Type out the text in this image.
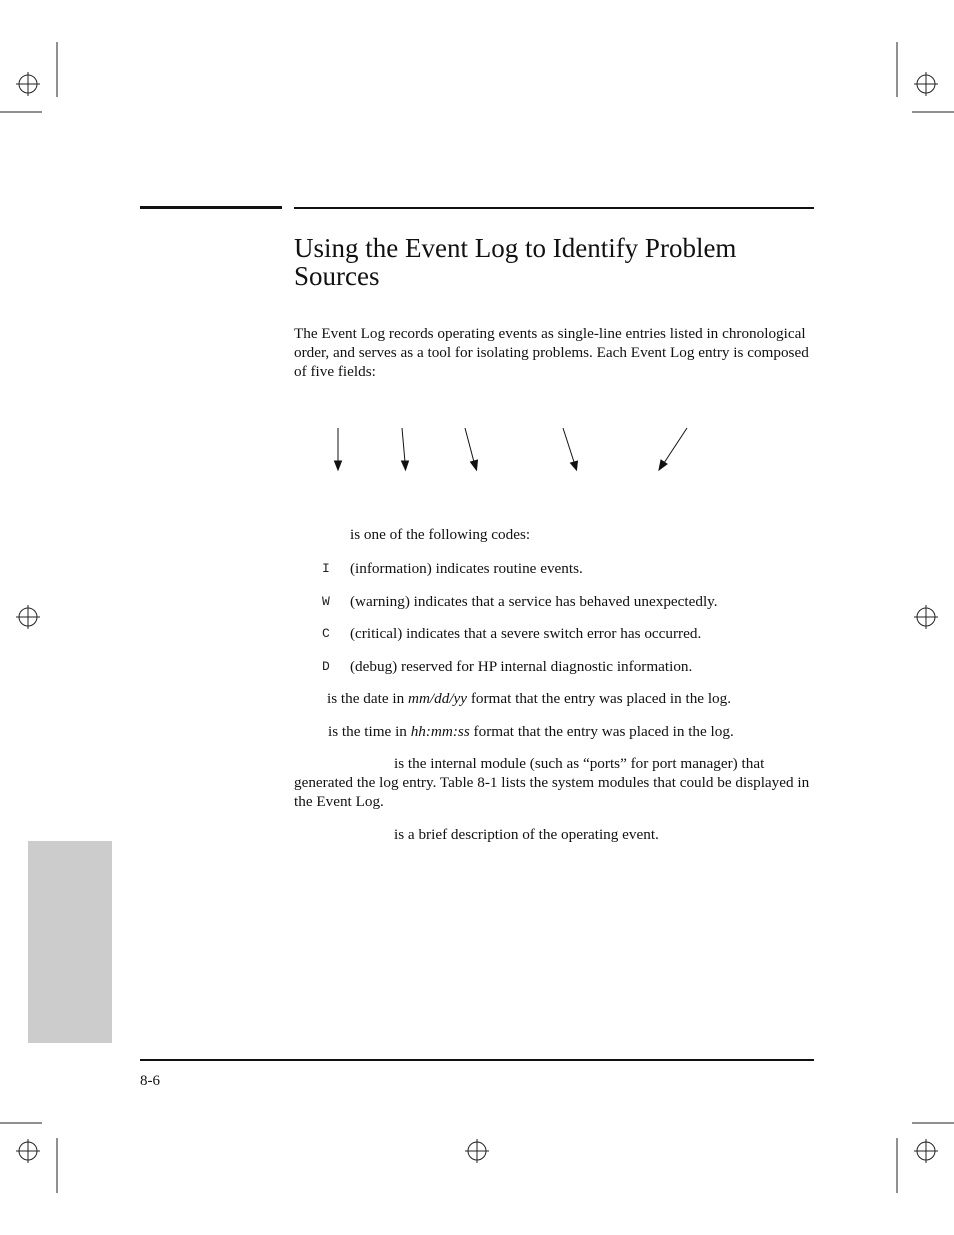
Using the Event Log to Identify Problem Sources
The Event Log records operating events as single-line entries listed in chronological order, and serves as a tool for isolating problems. Each Event Log entry is composed of five fields:
is one of the following codes:
I (information) indicates routine events.
W (warning) indicates that a service has behaved unexpectedly.
C (critical) indicates that a severe switch error has occurred.
D (debug) reserved for HP internal diagnostic information.
is the date in mm/dd/yy format that the entry was placed in the log.
is the time in hh:mm:ss format that the entry was placed in the log.
is the internal module (such as “ports” for port manager) that generated the log entry. Table 8-1 lists the system modules that could be displayed in the Event Log.
is a brief description of the operating event.
8-6
